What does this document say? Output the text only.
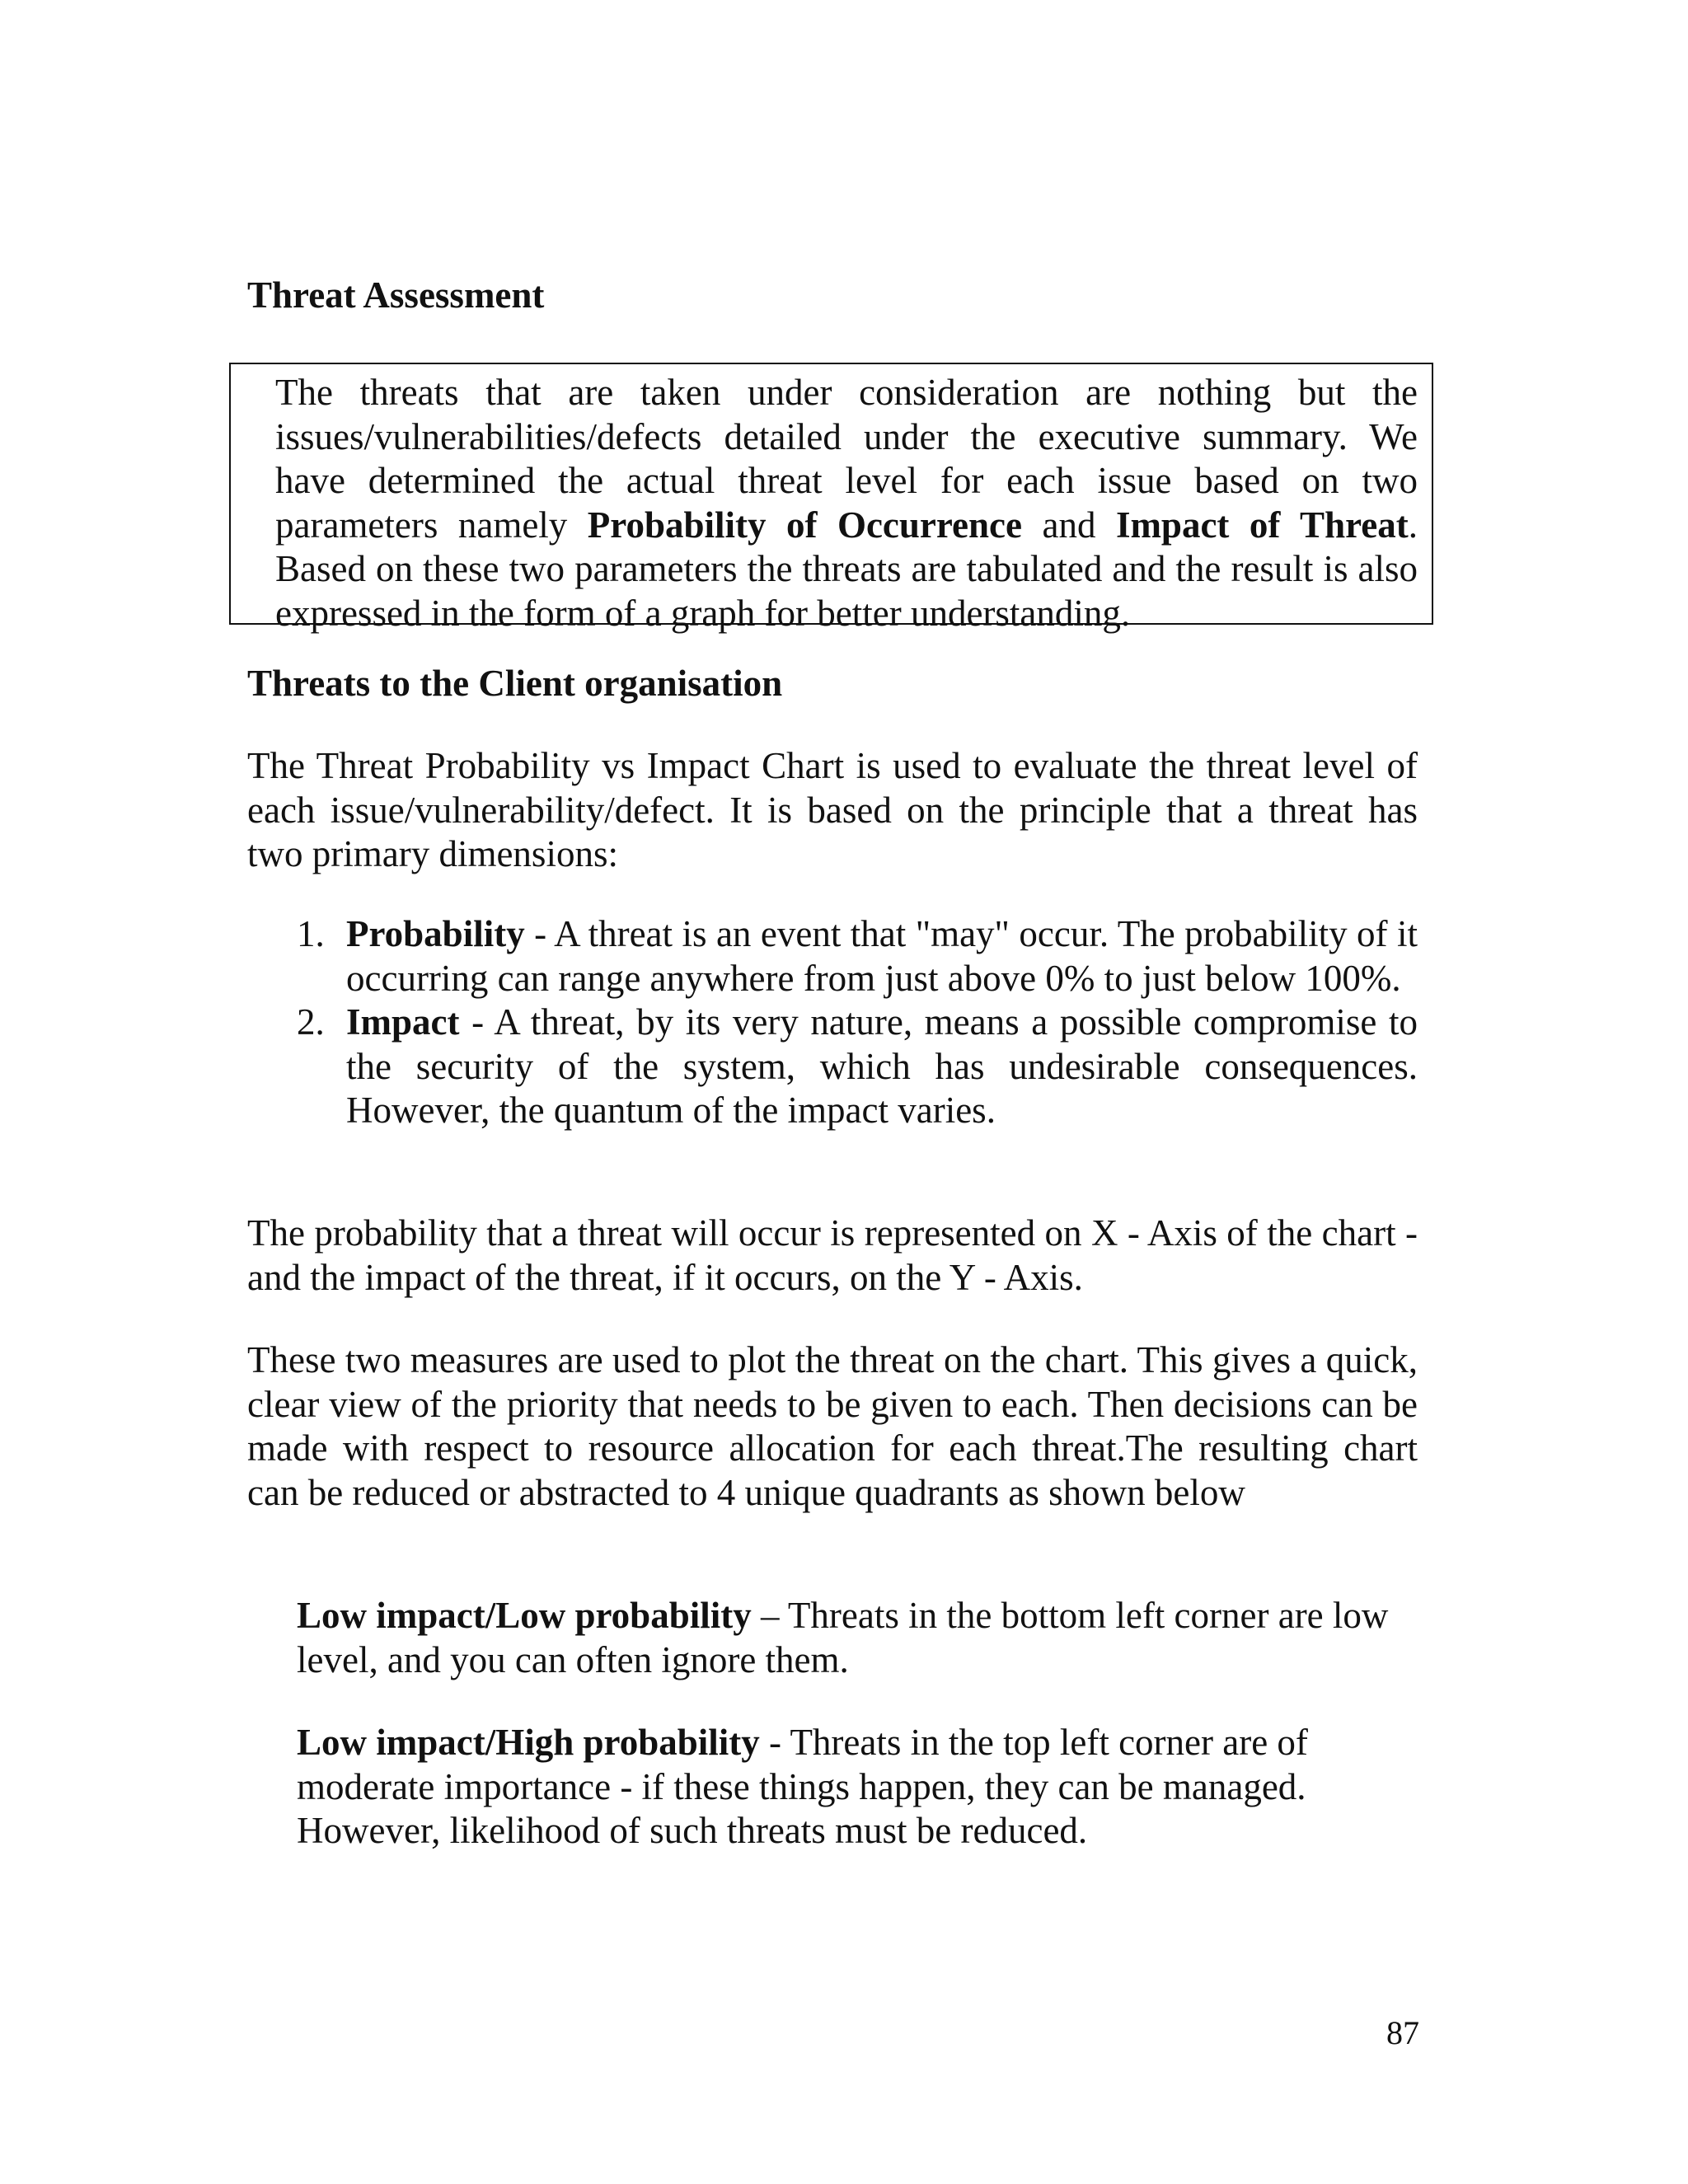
Threat Assessment

The threats that are taken under consideration are nothing but the issues/vulnerabilities/defects detailed under the executive summary. We have determined the actual threat level for each issue based on two parameters namely Probability of Occurrence and Impact of Threat. Based on these two parameters the threats are tabulated and the result is also expressed in the form of a graph for better understanding.

Threats to the Client organisation

The Threat Probability vs Impact Chart is used to evaluate the threat level of each issue/vulnerability/defect. It is based on the principle that a threat has two primary dimensions:

1. Probability - A threat is an event that "may" occur. The probability of it occurring can range anywhere from just above 0% to just below 100%.
2. Impact - A threat, by its very nature, means a possible compromise to the security of the system, which has undesirable consequences. However, the quantum of the impact varies.

The probability that a threat will occur is represented on X - Axis of the chart - and the impact of the threat, if it occurs, on the Y - Axis.

These two measures are used to plot the threat on the chart. This gives a quick, clear view of the priority that needs to be given to each. Then decisions can be made with respect to resource allocation for each threat.The resulting chart can be reduced or abstracted to 4 unique quadrants as shown below

Low impact/Low probability – Threats in the bottom left corner are low level, and you can often ignore them.

Low impact/High probability - Threats in the top left corner are of moderate importance - if these things happen, they can be managed. However, likelihood of such threats must be reduced.

87
